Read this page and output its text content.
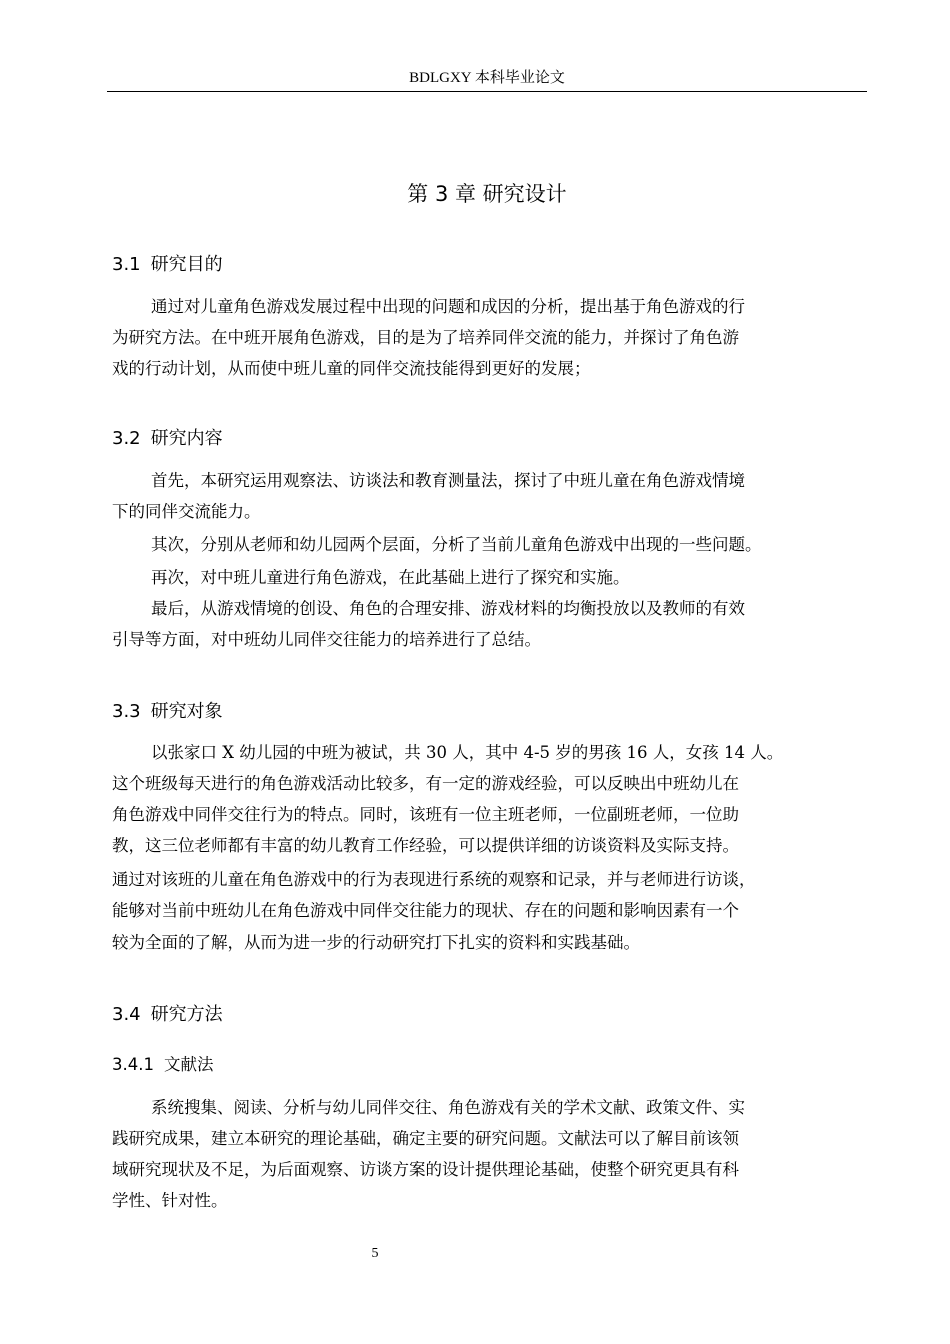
BDLGXY 本科毕业论文
第 3 章 研究设计
3.1 研究目的
通过对儿童角色游戏发展过程中出现的问题和成因的分析，提出基于角色游戏的行
为研究方法。在中班开展角色游戏，目的是为了培养同伴交流的能力，并探讨了角色游
戏的行动计划，从而使中班儿童的同伴交流技能得到更好的发展；
3.2 研究内容
首先，本研究运用观察法、访谈法和教育测量法，探讨了中班儿童在角色游戏情境
下的同伴交流能力。
其次，分别从老师和幼儿园两个层面，分析了当前儿童角色游戏中出现的一些问题。
再次，对中班儿童进行角色游戏，在此基础上进行了探究和实施。
最后，从游戏情境的创设、角色的合理安排、游戏材料的均衡投放以及教师的有效
引导等方面，对中班幼儿同伴交往能力的培养进行了总结。
3.3 研究对象
以张家口 X 幼儿园的中班为被试，共 30 人，其中 4-5 岁的男孩 16 人，女孩 14 人。
这个班级每天进行的角色游戏活动比较多，有一定的游戏经验，可以反映出中班幼儿在
角色游戏中同伴交往行为的特点。同时，该班有一位主班老师，一位副班老师，一位助
教，这三位老师都有丰富的幼儿教育工作经验，可以提供详细的访谈资料及实际支持。
通过对该班的儿童在角色游戏中的行为表现进行系统的观察和记录，并与老师进行访谈，
能够对当前中班幼儿在角色游戏中同伴交往能力的现状、存在的问题和影响因素有一个
较为全面的了解，从而为进一步的行动研究打下扎实的资料和实践基础。
3.4 研究方法
3.4.1 文献法
系统搜集、阅读、分析与幼儿同伴交往、角色游戏有关的学术文献、政策文件、实
践研究成果，建立本研究的理论基础，确定主要的研究问题。文献法可以了解目前该领
域研究现状及不足，为后面观察、访谈方案的设计提供理论基础，使整个研究更具有科
学性、针对性。
5
